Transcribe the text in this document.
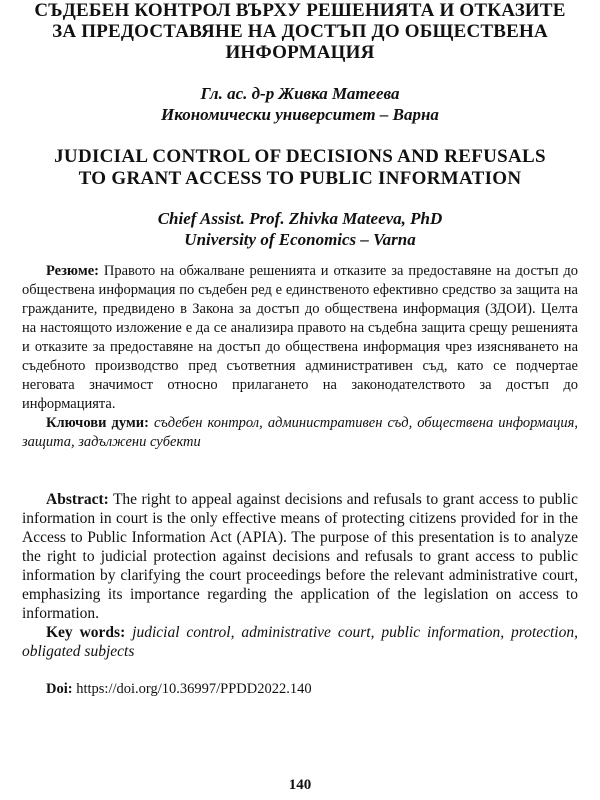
СЪДЕБЕН КОНТРОЛ ВЪРХУ РЕШЕНИЯТА И ОТКАЗИТЕ
ЗА ПРЕДОСТАВЯНЕ НА ДОСТЪП ДО ОБЩЕСТВЕНА
ИНФОРМАЦИЯ
Гл. ас. д-р Живка Матеева
Икономически университет – Варна
JUDICIAL CONTROL OF DECISIONS AND REFUSALS
TO GRANT ACCESS TO PUBLIC INFORMATION
Chief Assist. Prof. Zhivka Mateeva, PhD
University of Economics – Varna
Резюме: Правото на обжалване решенията и отказите за предоставяне на достъп до обществена информация по съдебен ред е единственото ефективно средство за защита на гражданите, предвидено в Закона за достъп до обществена информация (ЗДОИ). Целта на настоящото изложение е да се анализира правото на съдебна защита срещу решенията и отказите за предоставяне на достъп до обществена информация чрез изясняването на съдебното производство пред съответния административен съд, като се подчертае неговата значимост относно прилагането на законодателството за достъп до информацията.
Ключови думи: съдебен контрол, административен съд, обществена информация, защита, задължени субекти
Abstract: The right to appeal against decisions and refusals to grant access to public information in court is the only effective means of protecting citizens provided for in the Access to Public Information Act (APIA). The purpose of this presentation is to analyze the right to judicial protection against decisions and refusals to grant access to public information by clarifying the court proceedings before the relevant administrative court, emphasizing its importance regarding the application of the legislation on access to information.
Key words: judicial control, administrative court, public information, protection, obligated subjects
Doi: https://doi.org/10.36997/PPDD2022.140
140
